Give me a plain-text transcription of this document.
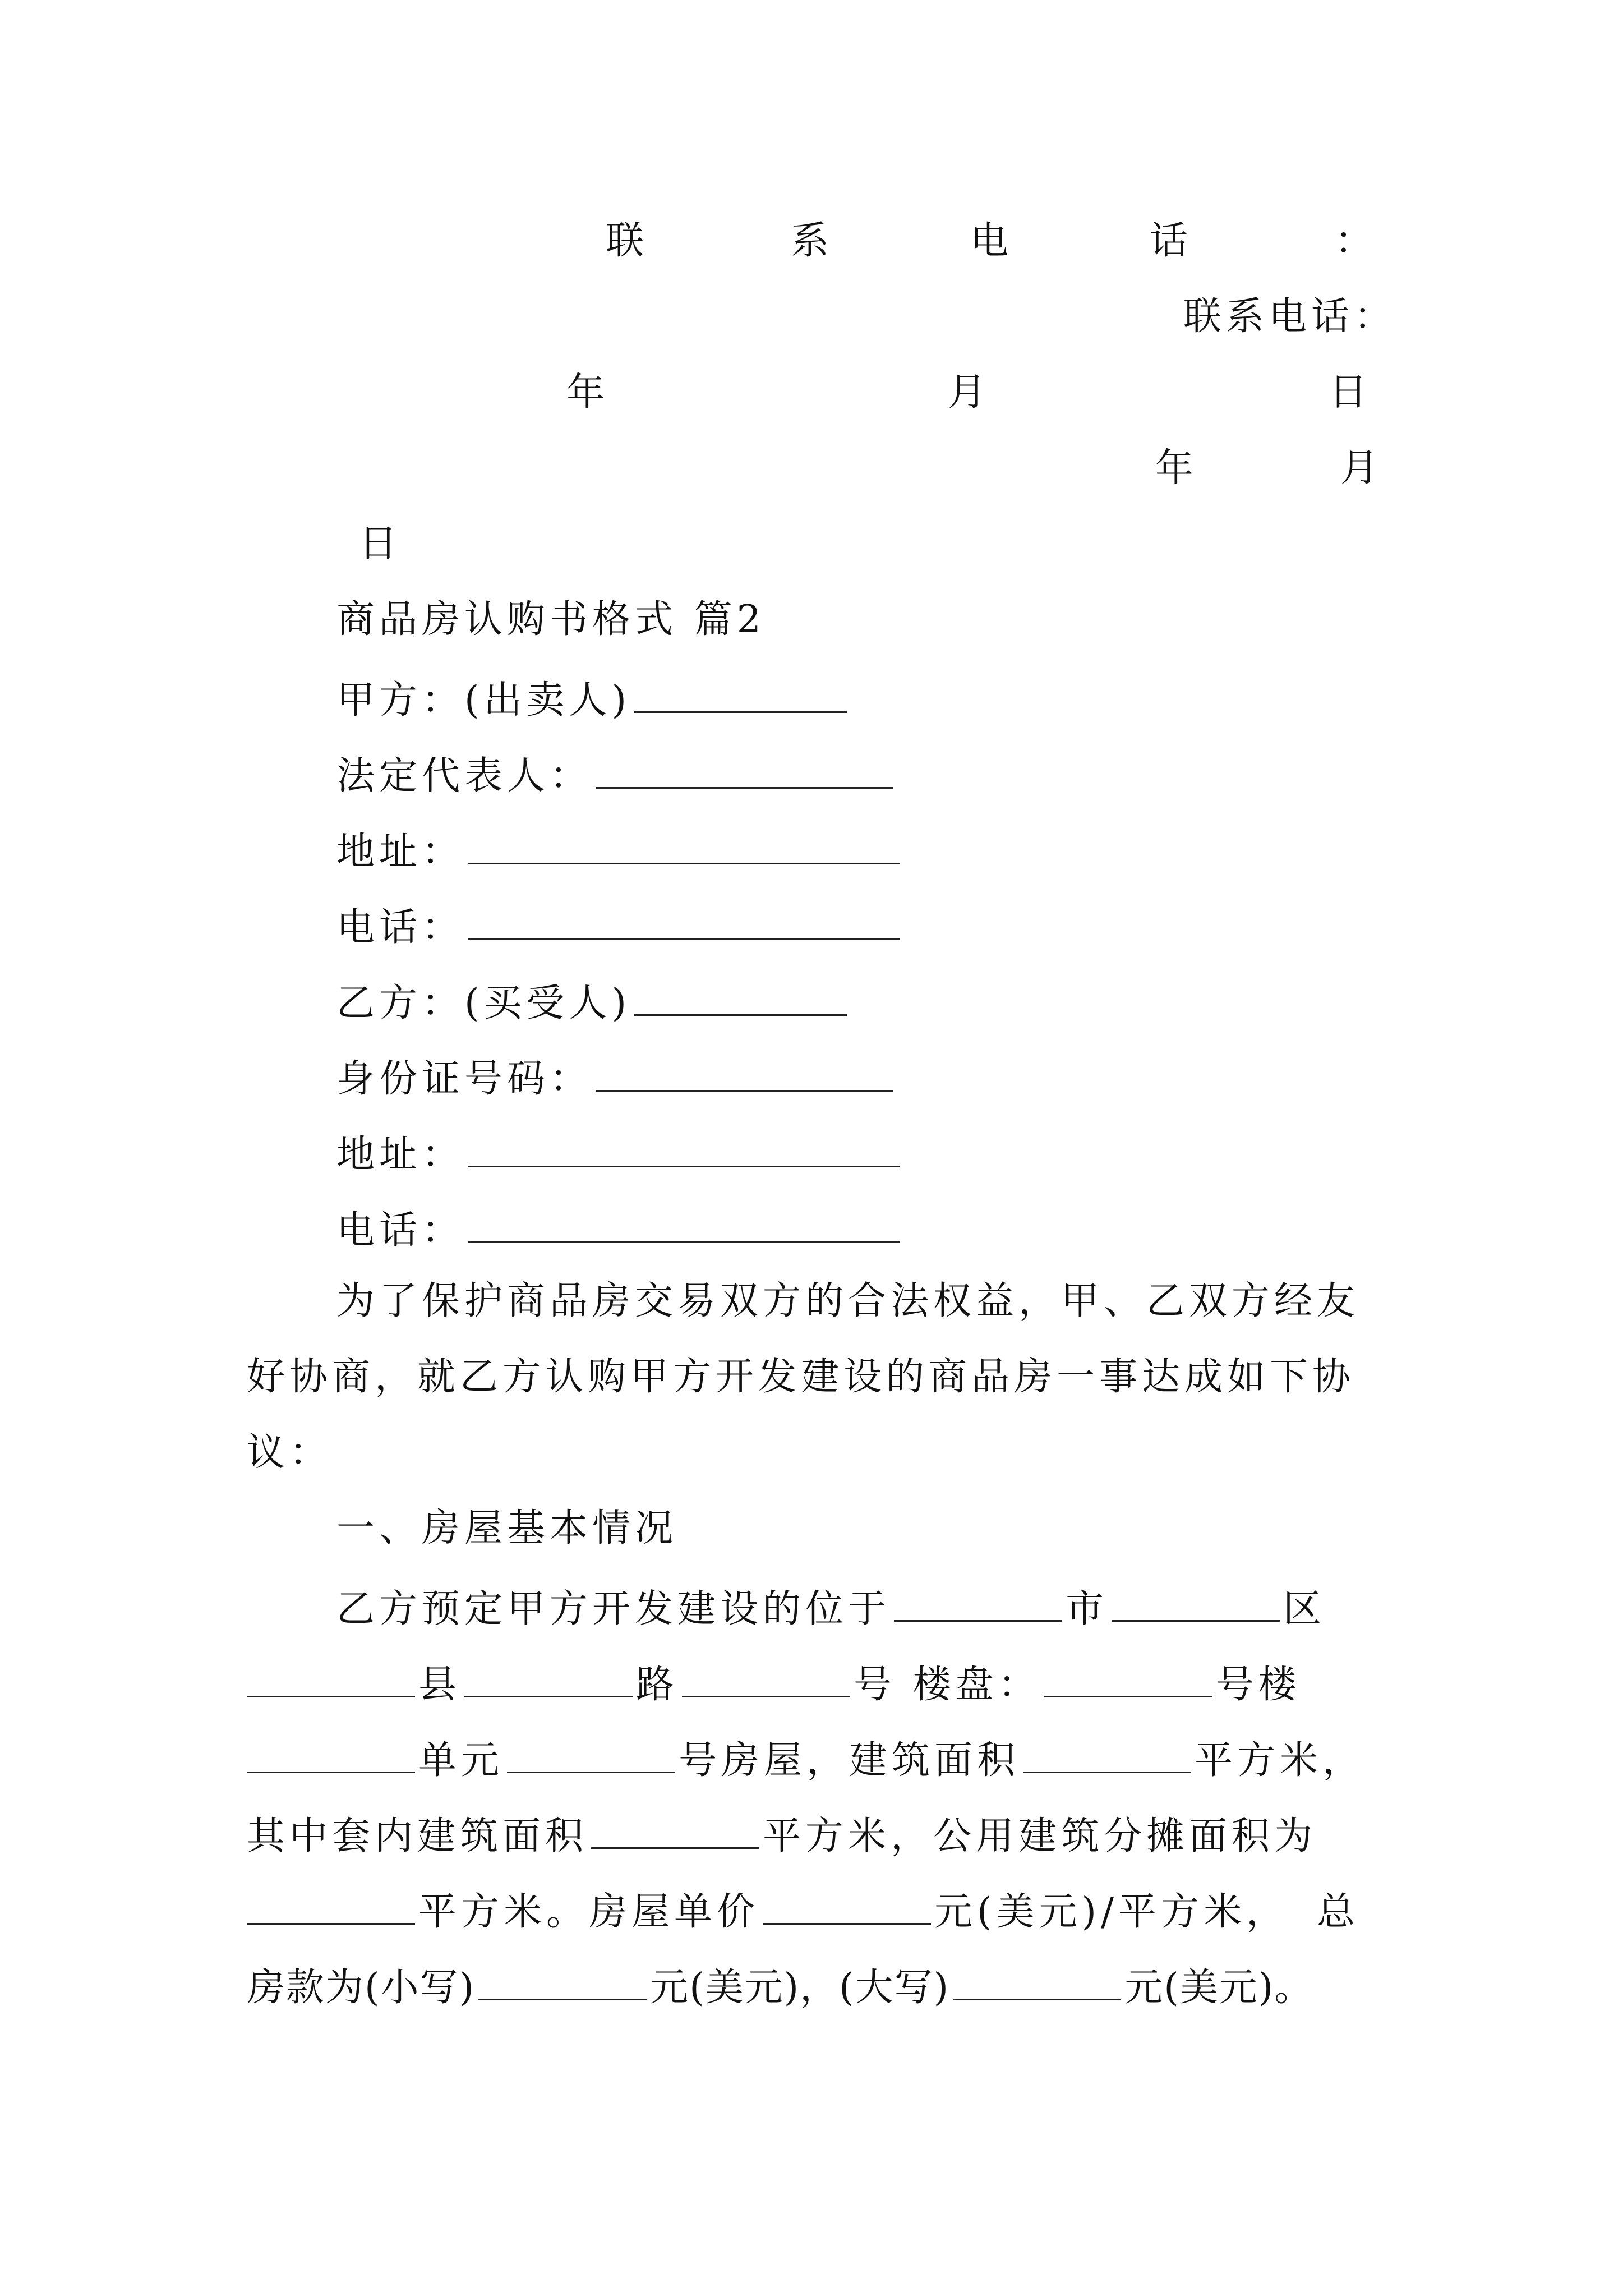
联	系	电	话	：
联系电话：
年	月	日
年	月
日
商品房认购书格式 篇2
甲方：(出卖人)
法定代表人：
地址：
电话：
乙方：(买受人)
身份证号码：
地址：
电话：
为了保护商品房交易双方的合法权益，甲、乙双方经友
好协商，就乙方认购甲方开发建设的商品房一事达成如下协
议：
一、房屋基本情况
乙方预定甲方开发建设的位于	市	区
县	路	号 楼盘：	号楼
单元	号房屋，建筑面积	平方米，
其中套内建筑面积	平方米，公用建筑分摊面积为
平方米。房屋单价	元(美元)/平方米， 总
房款为(小写)	元(美元)，(大写)	元(美元)。
